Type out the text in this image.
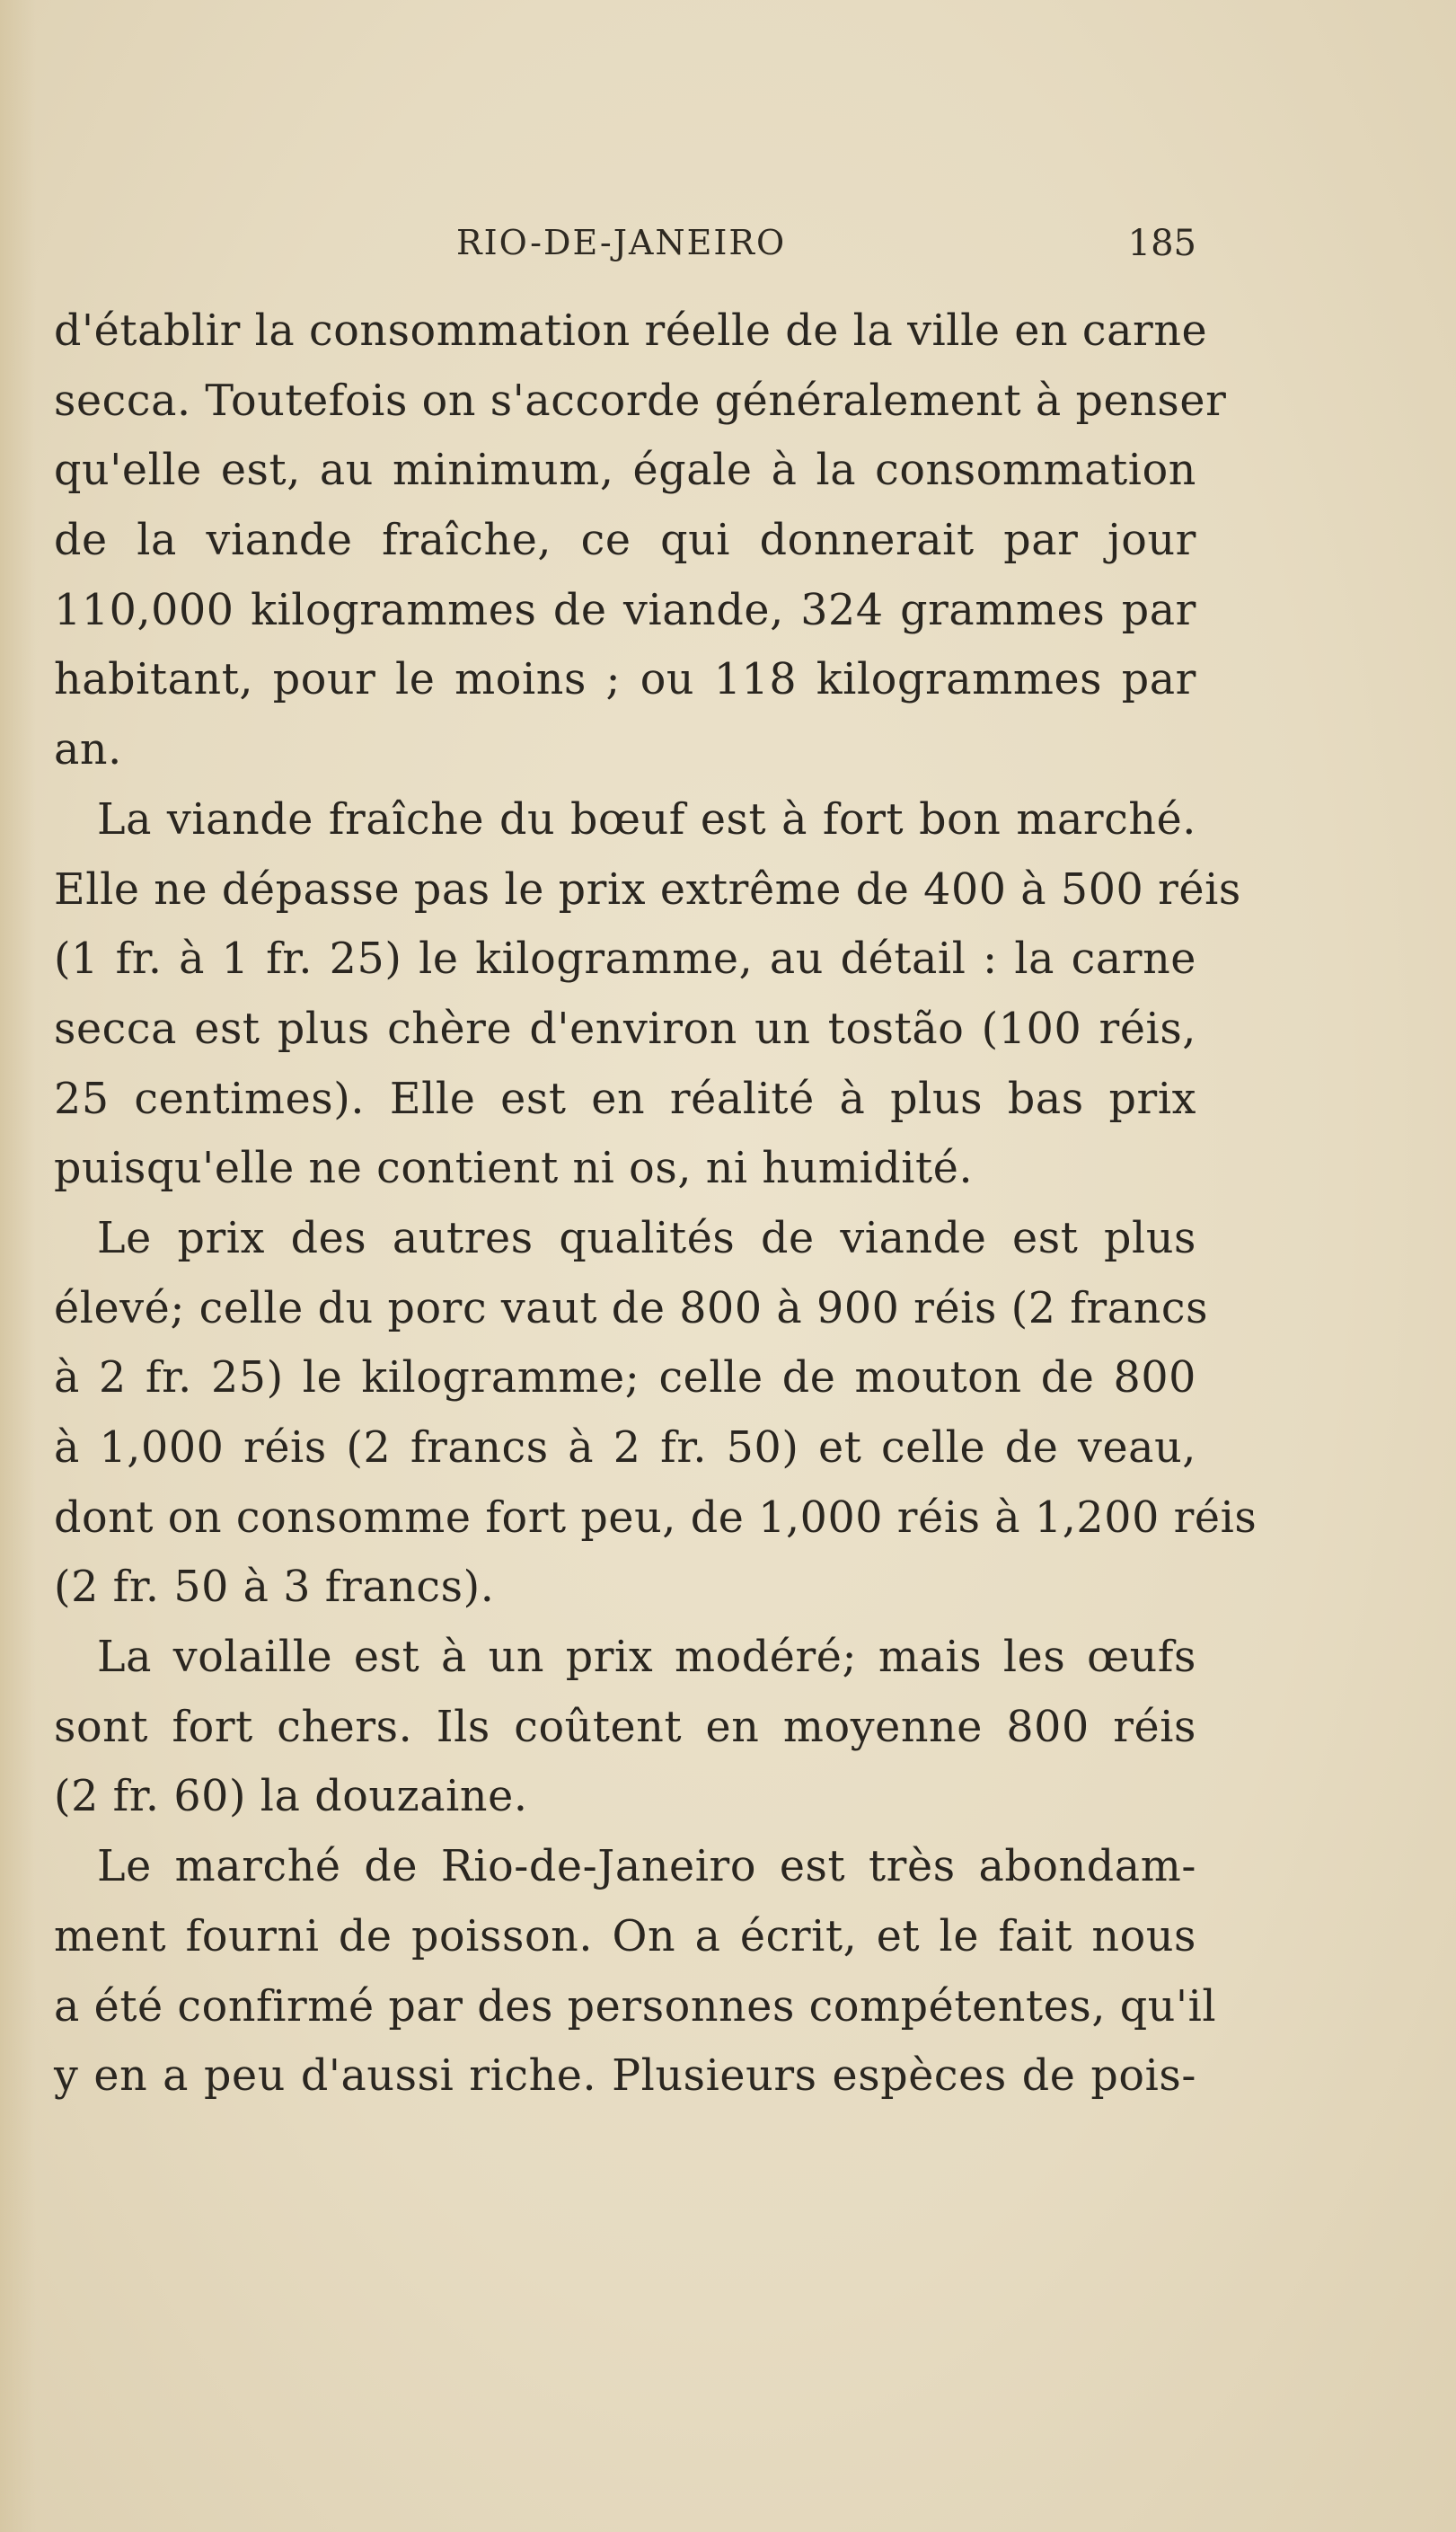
RIO-DE-JANEIRO	185
d'établir la consommation réelle de la ville en carne
secca. Toutefois on s'accorde généralement à penser
qu'elle est, au minimum, égale à la consommation
de la viande fraîche, ce qui donnerait par jour
110,000 kilogrammes de viande, 324 grammes par
habitant, pour le moins ; ou 118 kilogrammes par
an.
La viande fraîche du bœuf est à fort bon marché.
Elle ne dépasse pas le prix extrême de 400 à 500 réis
(1 fr. à 1 fr. 25) le kilogramme, au détail : la carne
secca est plus chère d'environ un tostão (100 réis,
25 centimes). Elle est en réalité à plus bas prix
puisqu'elle ne contient ni os, ni humidité.
Le prix des autres qualités de viande est plus
élevé; celle du porc vaut de 800 à 900 réis (2 francs
à 2 fr. 25) le kilogramme; celle de mouton de 800
à 1,000 réis (2 francs à 2 fr. 50) et celle de veau,
dont on consomme fort peu, de 1,000 réis à 1,200 réis
(2 fr. 50 à 3 francs).
La volaille est à un prix modéré; mais les œufs
sont fort chers. Ils coûtent en moyenne 800 réis
(2 fr. 60) la douzaine.
Le marché de Rio-de-Janeiro est très abondam-
ment fourni de poisson. On a écrit, et le fait nous
a été confirmé par des personnes compétentes, qu'il
y en a peu d'aussi riche. Plusieurs espèces de pois-
